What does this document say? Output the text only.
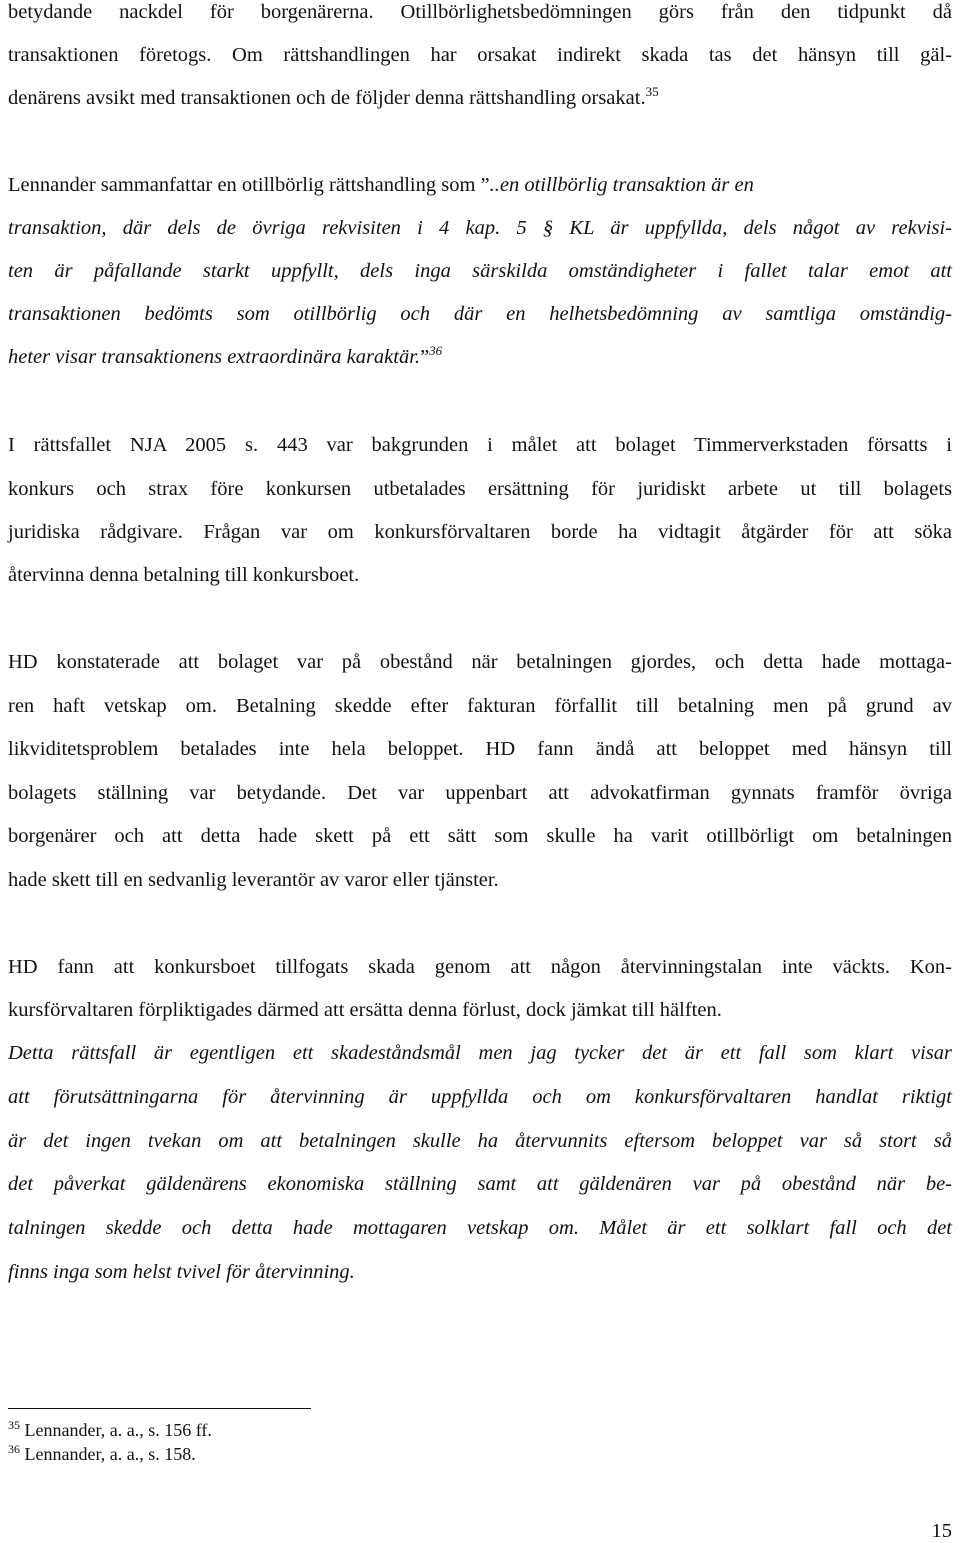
betydande nackdel för borgenärerna. Otillbörlighetsbedömningen görs från den tidpunkt då
transaktionen företogs. Om rättshandlingen har orsakat indirekt skada tas det hänsyn till gäl-
denärens avsikt med transaktionen och de följder denna rättshandling orsakat.$^{35}$
Lennander sammanfattar en otillbörlig rättshandling som ”..en otillbörlig transaktion är en
transaktion, där dels de övriga rekvisiten i 4 kap. 5 § KL är uppfyllda, dels något av rekvisi-
ten är påfallande starkt uppfyllt, dels inga särskilda omständigheter i fallet talar emot att
transaktionen bedömts som otillbörlig och där en helhetsbedömning av samtliga omständig-
heter visar transaktionens extraordinära karaktär.”$^{36}$
I rättsfallet NJA 2005 s. 443 var bakgrunden i målet att bolaget Timmerverkstaden försatts i
konkurs och strax före konkursen utbetalades ersättning för juridiskt arbete ut till bolagets
juridiska rådgivare. Frågan var om konkursförvaltaren borde ha vidtagit åtgärder för att söka
återvinna denna betalning till konkursboet.
HD konstaterade att bolaget var på obestånd när betalningen gjordes, och detta hade mottaga-
ren haft vetskap om. Betalning skedde efter fakturan förfallit till betalning men på grund av
likviditetsproblem betalades inte hela beloppet. HD fann ändå att beloppet med hänsyn till
bolagets ställning var betydande. Det var uppenbart att advokatfirman gynnats framför övriga
borgenärer och att detta hade skett på ett sätt som skulle ha varit otillbörligt om betalningen
hade skett till en sedvanlig leverantör av varor eller tjänster.
HD fann att konkursboet tillfogats skada genom att någon återvinningstalan inte väckts. Kon-
kursförvaltaren förpliktigades därmed att ersätta denna förlust, dock jämkat till hälften.
Detta rättsfall är egentligen ett skadeståndsmål men jag tycker det är ett fall som klart visar
att förutsättningarna för återvinning är uppfyllda och om konkursförvaltaren handlat riktigt
är det ingen tvekan om att betalningen skulle ha återvunnits eftersom beloppet var så stort så
det påverkat gäldenärens ekonomiska ställning samt att gäldenären var på obestånd när be-
talningen skedde och detta hade mottagaren vetskap om. Målet är ett solklart fall och det
finns inga som helst tvivel för återvinning.
$^{35}$ Lennander, a. a., s. 156 ff.
$^{36}$ Lennander, a. a., s. 158.
15
